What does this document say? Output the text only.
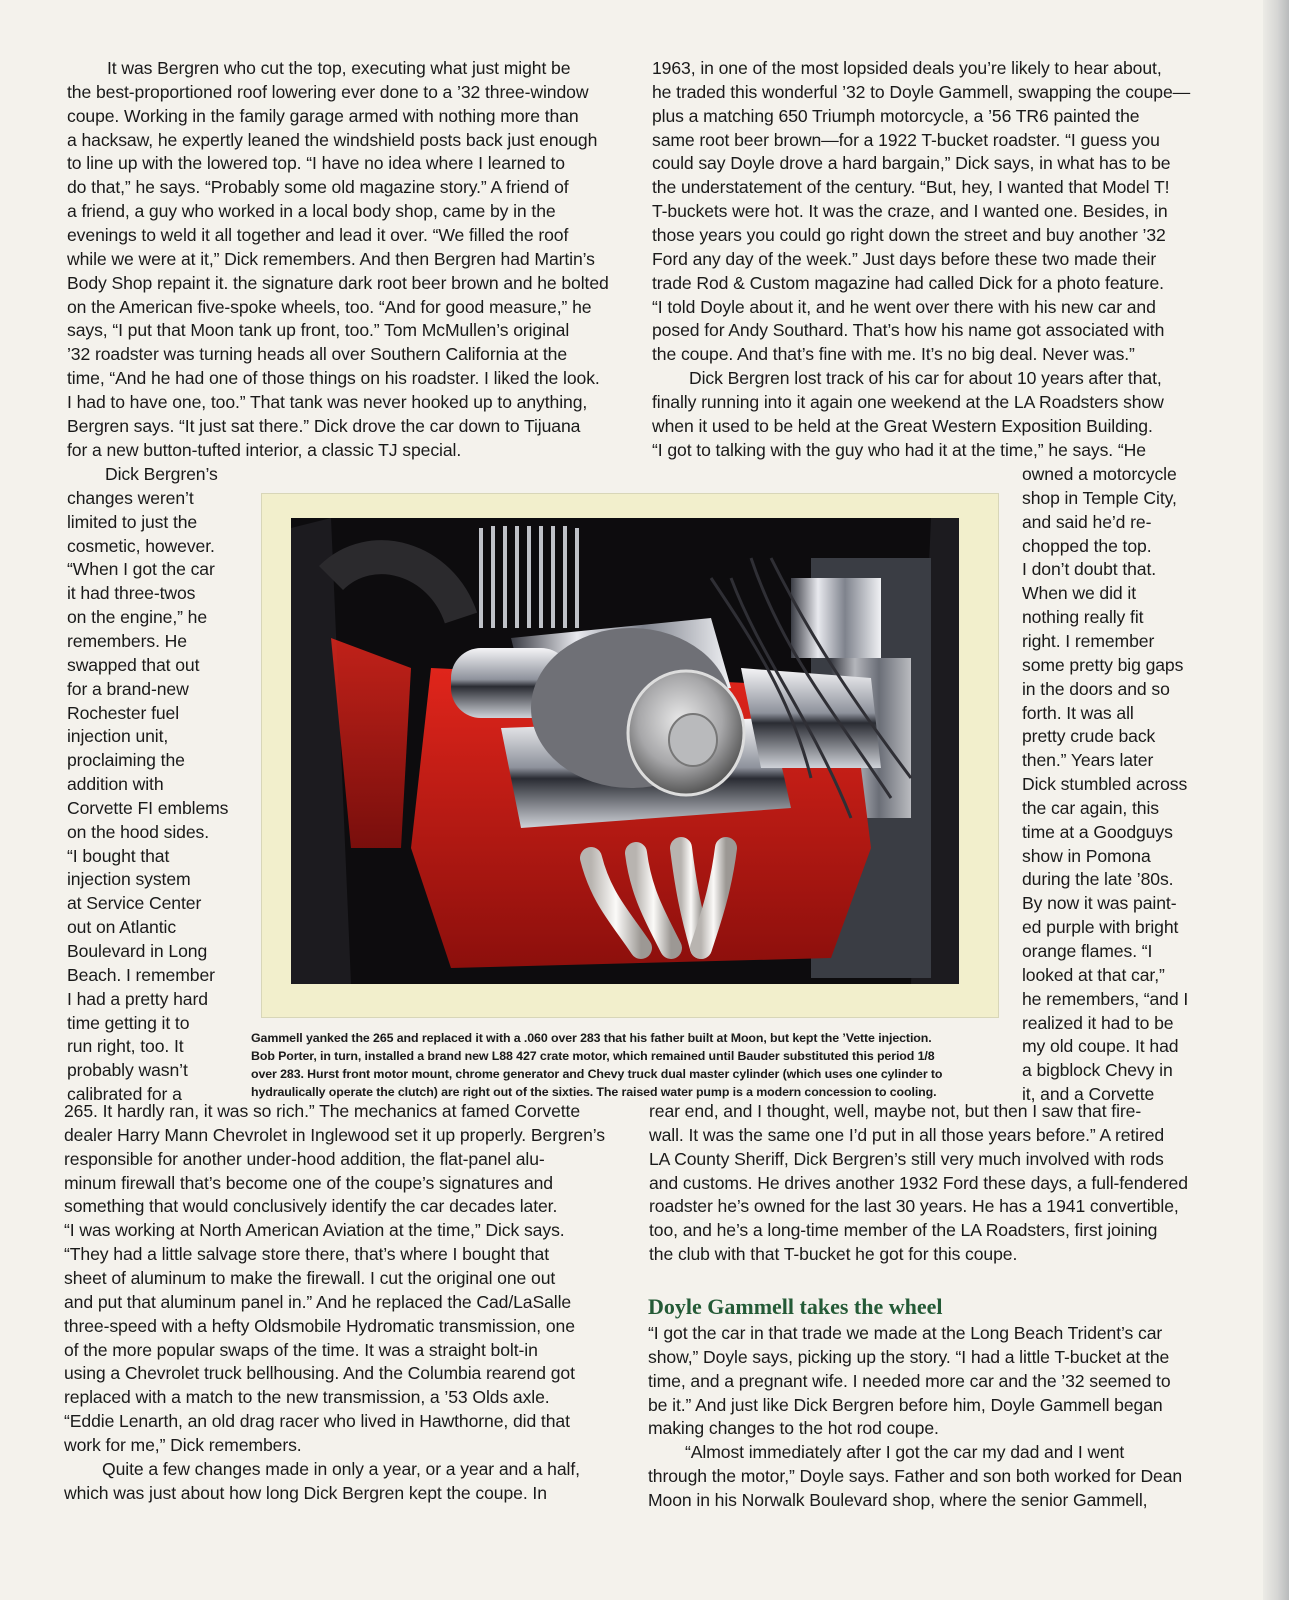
It was Bergren who cut the top, executing what just might be
the best-proportioned roof lowering ever done to a ’32 three-window
coupe. Working in the family garage armed with nothing more than
a hacksaw, he expertly leaned the windshield posts back just enough
to line up with the lowered top. “I have no idea where I learned to
do that,” he says. “Probably some old magazine story.” A friend of
a friend, a guy who worked in a local body shop, came by in the
evenings to weld it all together and lead it over. “We filled the roof
while we were at it,” Dick remembers. And then Bergren had Martin’s
Body Shop repaint it. the signature dark root beer brown and he bolted
on the American five-spoke wheels, too. “And for good measure,” he
says, “I put that Moon tank up front, too.” Tom McMullen’s original
’32 roadster was turning heads all over Southern California at the
time, “And he had one of those things on his roadster. I liked the look.
I had to have one, too.” That tank was never hooked up to anything,
Bergren says. “It just sat there.” Dick drove the car down to Tijuana
for a new button-tufted interior, a classic TJ special.
Dick Bergren’s
changes weren’t
limited to just the
cosmetic, however.
“When I got the car
it had three-twos
on the engine,” he
remembers. He
swapped that out
for a brand-new
Rochester fuel
injection unit,
proclaiming the
addition with
Corvette FI emblems
on the hood sides.
“I bought that
injection system
at Service Center
out on Atlantic
Boulevard in Long
Beach. I remember
I had a pretty hard
time getting it to
run right, too. It
probably wasn’t
calibrated for a
265. It hardly ran, it was so rich.” The mechanics at famed Corvette
dealer Harry Mann Chevrolet in Inglewood set it up properly. Bergren’s
responsible for another under-hood addition, the flat-panel alu-
minum firewall that’s become one of the coupe’s signatures and
something that would conclusively identify the car decades later.
“I was working at North American Aviation at the time,” Dick says.
“They had a little salvage store there, that’s where I bought that
sheet of aluminum to make the firewall. I cut the original one out
and put that aluminum panel in.” And he replaced the Cad/LaSalle
three-speed with a hefty Oldsmobile Hydromatic transmission, one
of the more popular swaps of the time. It was a straight bolt-in
using a Chevrolet truck bellhousing. And the Columbia rearend got
replaced with a match to the new transmission, a ’53 Olds axle.
“Eddie Lenarth, an old drag racer who lived in Hawthorne, did that
work for me,” Dick remembers.
Quite a few changes made in only a year, or a year and a half,
which was just about how long Dick Bergren kept the coupe. In
1963, in one of the most lopsided deals you’re likely to hear about,
he traded this wonderful ’32 to Doyle Gammell, swapping the coupe—
plus a matching 650 Triumph motorcycle, a ’56 TR6 painted the
same root beer brown—for a 1922 T-bucket roadster. “I guess you
could say Doyle drove a hard bargain,” Dick says, in what has to be
the understatement of the century. “But, hey, I wanted that Model T!
T-buckets were hot. It was the craze, and I wanted one. Besides, in
those years you could go right down the street and buy another ’32
Ford any day of the week.” Just days before these two made their
trade Rod & Custom magazine had called Dick for a photo feature.
“I told Doyle about it, and he went over there with his new car and
posed for Andy Southard. That’s how his name got associated with
the coupe. And that’s fine with me. It’s no big deal. Never was.”
Dick Bergren lost track of his car for about 10 years after that,
finally running into it again one weekend at the LA Roadsters show
when it used to be held at the Great Western Exposition Building.
“I got to talking with the guy who had it at the time,” he says. “He
owned a motorcycle
shop in Temple City,
and said he’d re-
chopped the top.
I don’t doubt that.
When we did it
nothing really fit
right. I remember
some pretty big gaps
in the doors and so
forth. It was all
pretty crude back
then.” Years later
Dick stumbled across
the car again, this
time at a Goodguys
show in Pomona
during the late ’80s.
By now it was paint-
ed purple with bright
orange flames. “I
looked at that car,”
he remembers, “and I
realized it had to be
my old coupe. It had
a bigblock Chevy in
it, and a Corvette
rear end, and I thought, well, maybe not, but then I saw that fire-
wall. It was the same one I’d put in all those years before.” A retired
LA County Sheriff, Dick Bergren’s still very much involved with rods
and customs. He drives another 1932 Ford these days, a full-fendered
roadster he’s owned for the last 30 years. He has a 1941 convertible,
too, and he’s a long-time member of the LA Roadsters, first joining
the club with that T-bucket he got for this coupe.
“I got the car in that trade we made at the Long Beach Trident’s car
show,” Doyle says, picking up the story. “I had a little T-bucket at the
time, and a pregnant wife. I needed more car and the ’32 seemed to
be it.” And just like Dick Bergren before him, Doyle Gammell began
making changes to the hot rod coupe.
“Almost immediately after I got the car my dad and I went
through the motor,” Doyle says. Father and son both worked for Dean
Moon in his Norwalk Boulevard shop, where the senior Gammell,
Gammell yanked the 265 and replaced it with a .060 over 283 that his father built at Moon, but kept the ’Vette injection.
Bob Porter, in turn, installed a brand new L88 427 crate motor, which remained until Bauder substituted this period 1/8
over 283. Hurst front motor mount, chrome generator and Chevy truck dual master cylinder (which uses one cylinder to
hydraulically operate the clutch) are right out of the sixties. The raised water pump is a modern concession to cooling.
Doyle Gammell takes the wheel
